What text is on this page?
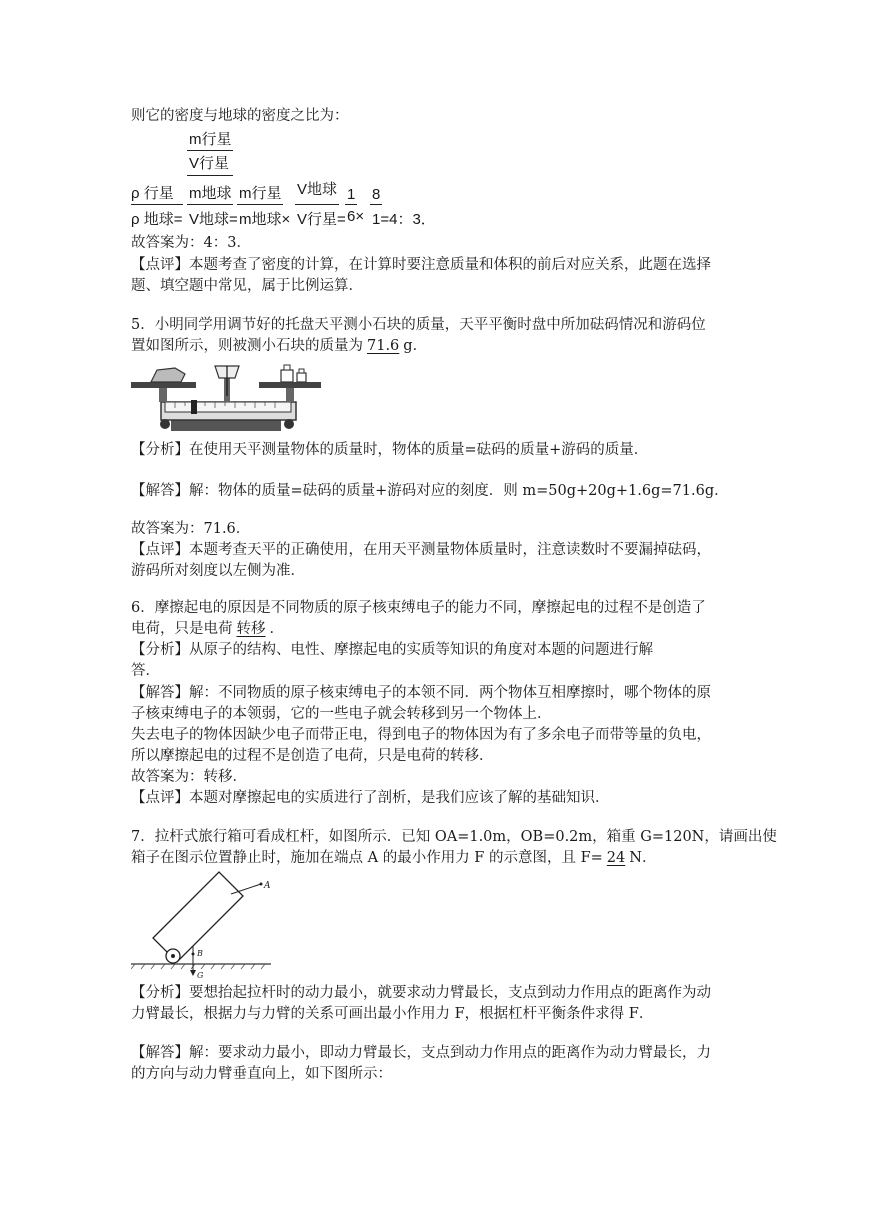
则它的密度与地球的密度之比为：
m行星
V行星
ρ 行星
ρ 地球=
m地球
V地球=
m行星
m地球×
V地球
V行星=
1
6×
8
1=4：3．
故答案为：4：3．
【点评】本题考查了密度的计算，在计算时要注意质量和体积的前后对应关系，此题在选择
题、填空题中常见，属于比例运算．
5．小明同学用调节好的托盘天平测小石块的质量，天平平衡时盘中所加砝码情况和游码位
置如图所示，则被测小石块的质量为 71.6 g．
【分析】在使用天平测量物体的质量时，物体的质量=砝码的质量+游码的质量．
【解答】解：物体的质量=砝码的质量+游码对应的刻度．则 m=50g+20g+1.6g=71.6g．
故答案为：71.6．
【点评】本题考查天平的正确使用，在用天平测量物体质量时，注意读数时不要漏掉砝码，
游码所对刻度以左侧为准．
6．摩擦起电的原因是不同物质的原子核束缚电子的能力不同，摩擦起电的过程不是创造了
电荷，只是电荷 转移 ．
【分析】从原子的结构、电性、摩擦起电的实质等知识的角度对本题的问题进行解
答．
【解答】解：不同物质的原子核束缚电子的本领不同．两个物体互相摩擦时，哪个物体的原
子核束缚电子的本领弱，它的一些电子就会转移到另一个物体上．
失去电子的物体因缺少电子而带正电，得到电子的物体因为有了多余电子而带等量的负电，
所以摩擦起电的过程不是创造了电荷，只是电荷的转移．
故答案为：转移．
【点评】本题对摩擦起电的实质进行了剖析，是我们应该了解的基础知识．
7．拉杆式旅行箱可看成杠杆，如图所示．已知 OA=1.0m，OB=0.2m，箱重 G=120N，请画出使
箱子在图示位置静止时，施加在端点 A 的最小作用力 F 的示意图，且 F= 24 N．
A
B
G
【分析】要想抬起拉杆时的动力最小，就要求动力臂最长，支点到动力作用点的距离作为动
力臂最长，根据力与力臂的关系可画出最小作用力 F，根据杠杆平衡条件求得 F．
【解答】解：要求动力最小，即动力臂最长，支点到动力作用点的距离作为动力臂最长，力
的方向与动力臂垂直向上，如下图所示：
